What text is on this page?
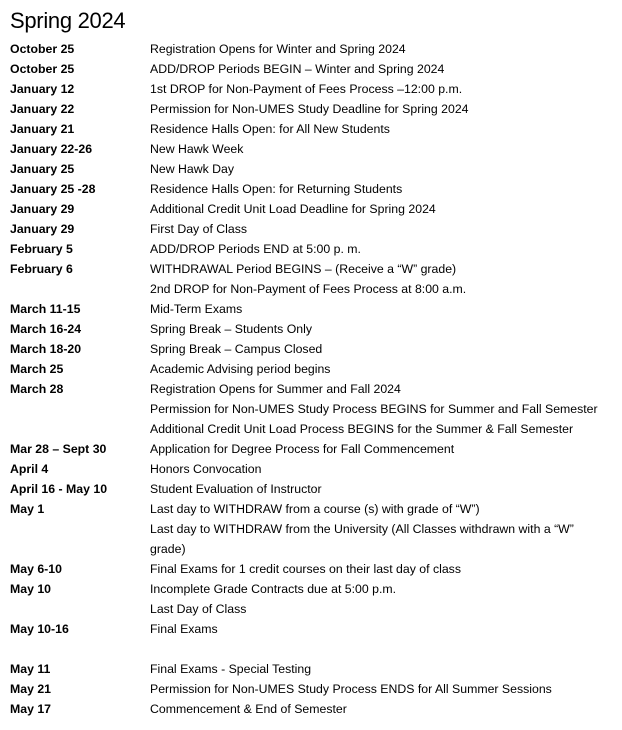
Spring 2024
October 25	Registration Opens for Winter and Spring 2024
October 25	ADD/DROP Periods BEGIN – Winter and Spring 2024
January 12	1st DROP for Non-Payment of Fees Process –12:00 p.m.
January 22	Permission for Non-UMES Study Deadline for Spring 2024
January 21	Residence Halls Open: for All New Students
January 22-26	New Hawk Week
January 25	New Hawk Day
January 25 -28	Residence Halls Open: for Returning Students
January 29	Additional Credit Unit Load Deadline for Spring 2024
January 29	First Day of Class
February 5	ADD/DROP Periods END at 5:00 p. m.
February 6	WITHDRAWAL Period BEGINS – (Receive a “W” grade)
2nd DROP for Non-Payment of Fees Process at 8:00 a.m.
March 11-15	Mid-Term Exams
March 16-24	Spring Break – Students Only
March 18-20	Spring Break – Campus Closed
March 25	Academic Advising period begins
March 28	Registration Opens for Summer and Fall 2024
Permission for Non-UMES Study Process BEGINS for Summer and Fall Semester
Additional Credit Unit Load Process BEGINS for the Summer & Fall Semester
Mar 28 – Sept 30	Application for Degree Process for Fall Commencement
April 4	Honors Convocation
April 16 - May 10	Student Evaluation of Instructor
May 1	Last day to WITHDRAW from a course (s) with grade of “W”)
Last day to WITHDRAW from the University (All Classes withdrawn with a “W” grade)
May 6-10	Final Exams for 1 credit courses on their last day of class
May 10	Incomplete Grade Contracts due at 5:00 p.m.
Last Day of Class
May 10-16	Final Exams
May 11	Final Exams - Special Testing
May 21	Permission for Non-UMES Study Process ENDS for All Summer Sessions
May 17	Commencement & End of Semester
